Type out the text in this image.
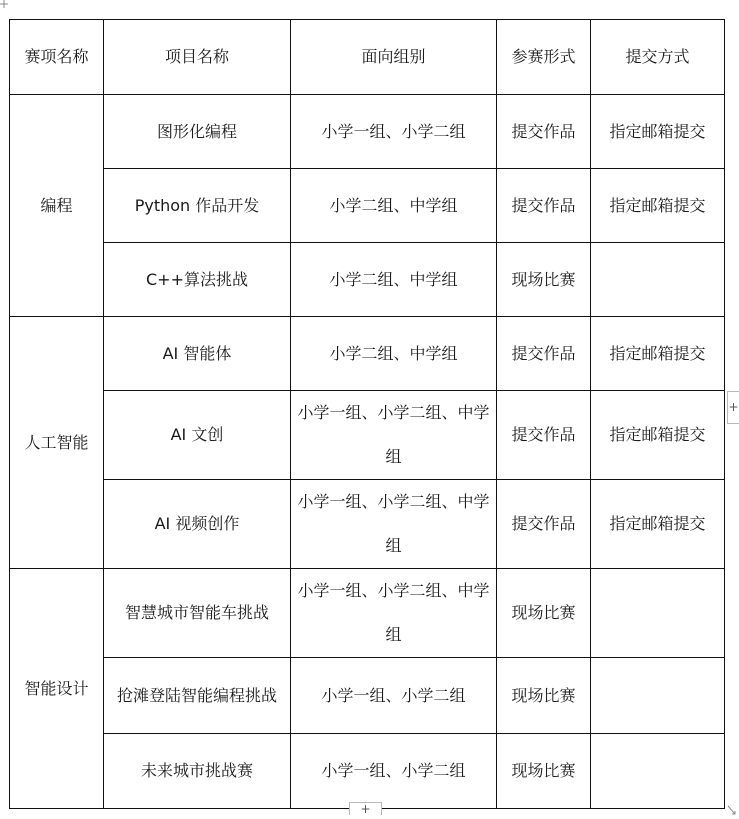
赛项名称	项目名称	面向组别	参赛形式	提交方式
编程	图形化编程	小学一组、小学二组	提交作品	指定邮箱提交
	Python 作品开发	小学二组、中学组	提交作品	指定邮箱提交
	C++算法挑战	小学二组、中学组	现场比赛	
人工智能	AI 智能体	小学二组、中学组	提交作品	指定邮箱提交
	AI 文创	小学一组、小学二组、中学组	提交作品	指定邮箱提交
	AI 视频创作	小学一组、小学二组、中学组	提交作品	指定邮箱提交
智能设计	智慧城市智能车挑战	小学一组、小学二组、中学组	现场比赛	
	抢滩登陆智能编程挑战	小学一组、小学二组	现场比赛	
	未来城市挑战赛	小学一组、小学二组	现场比赛	
+
+
